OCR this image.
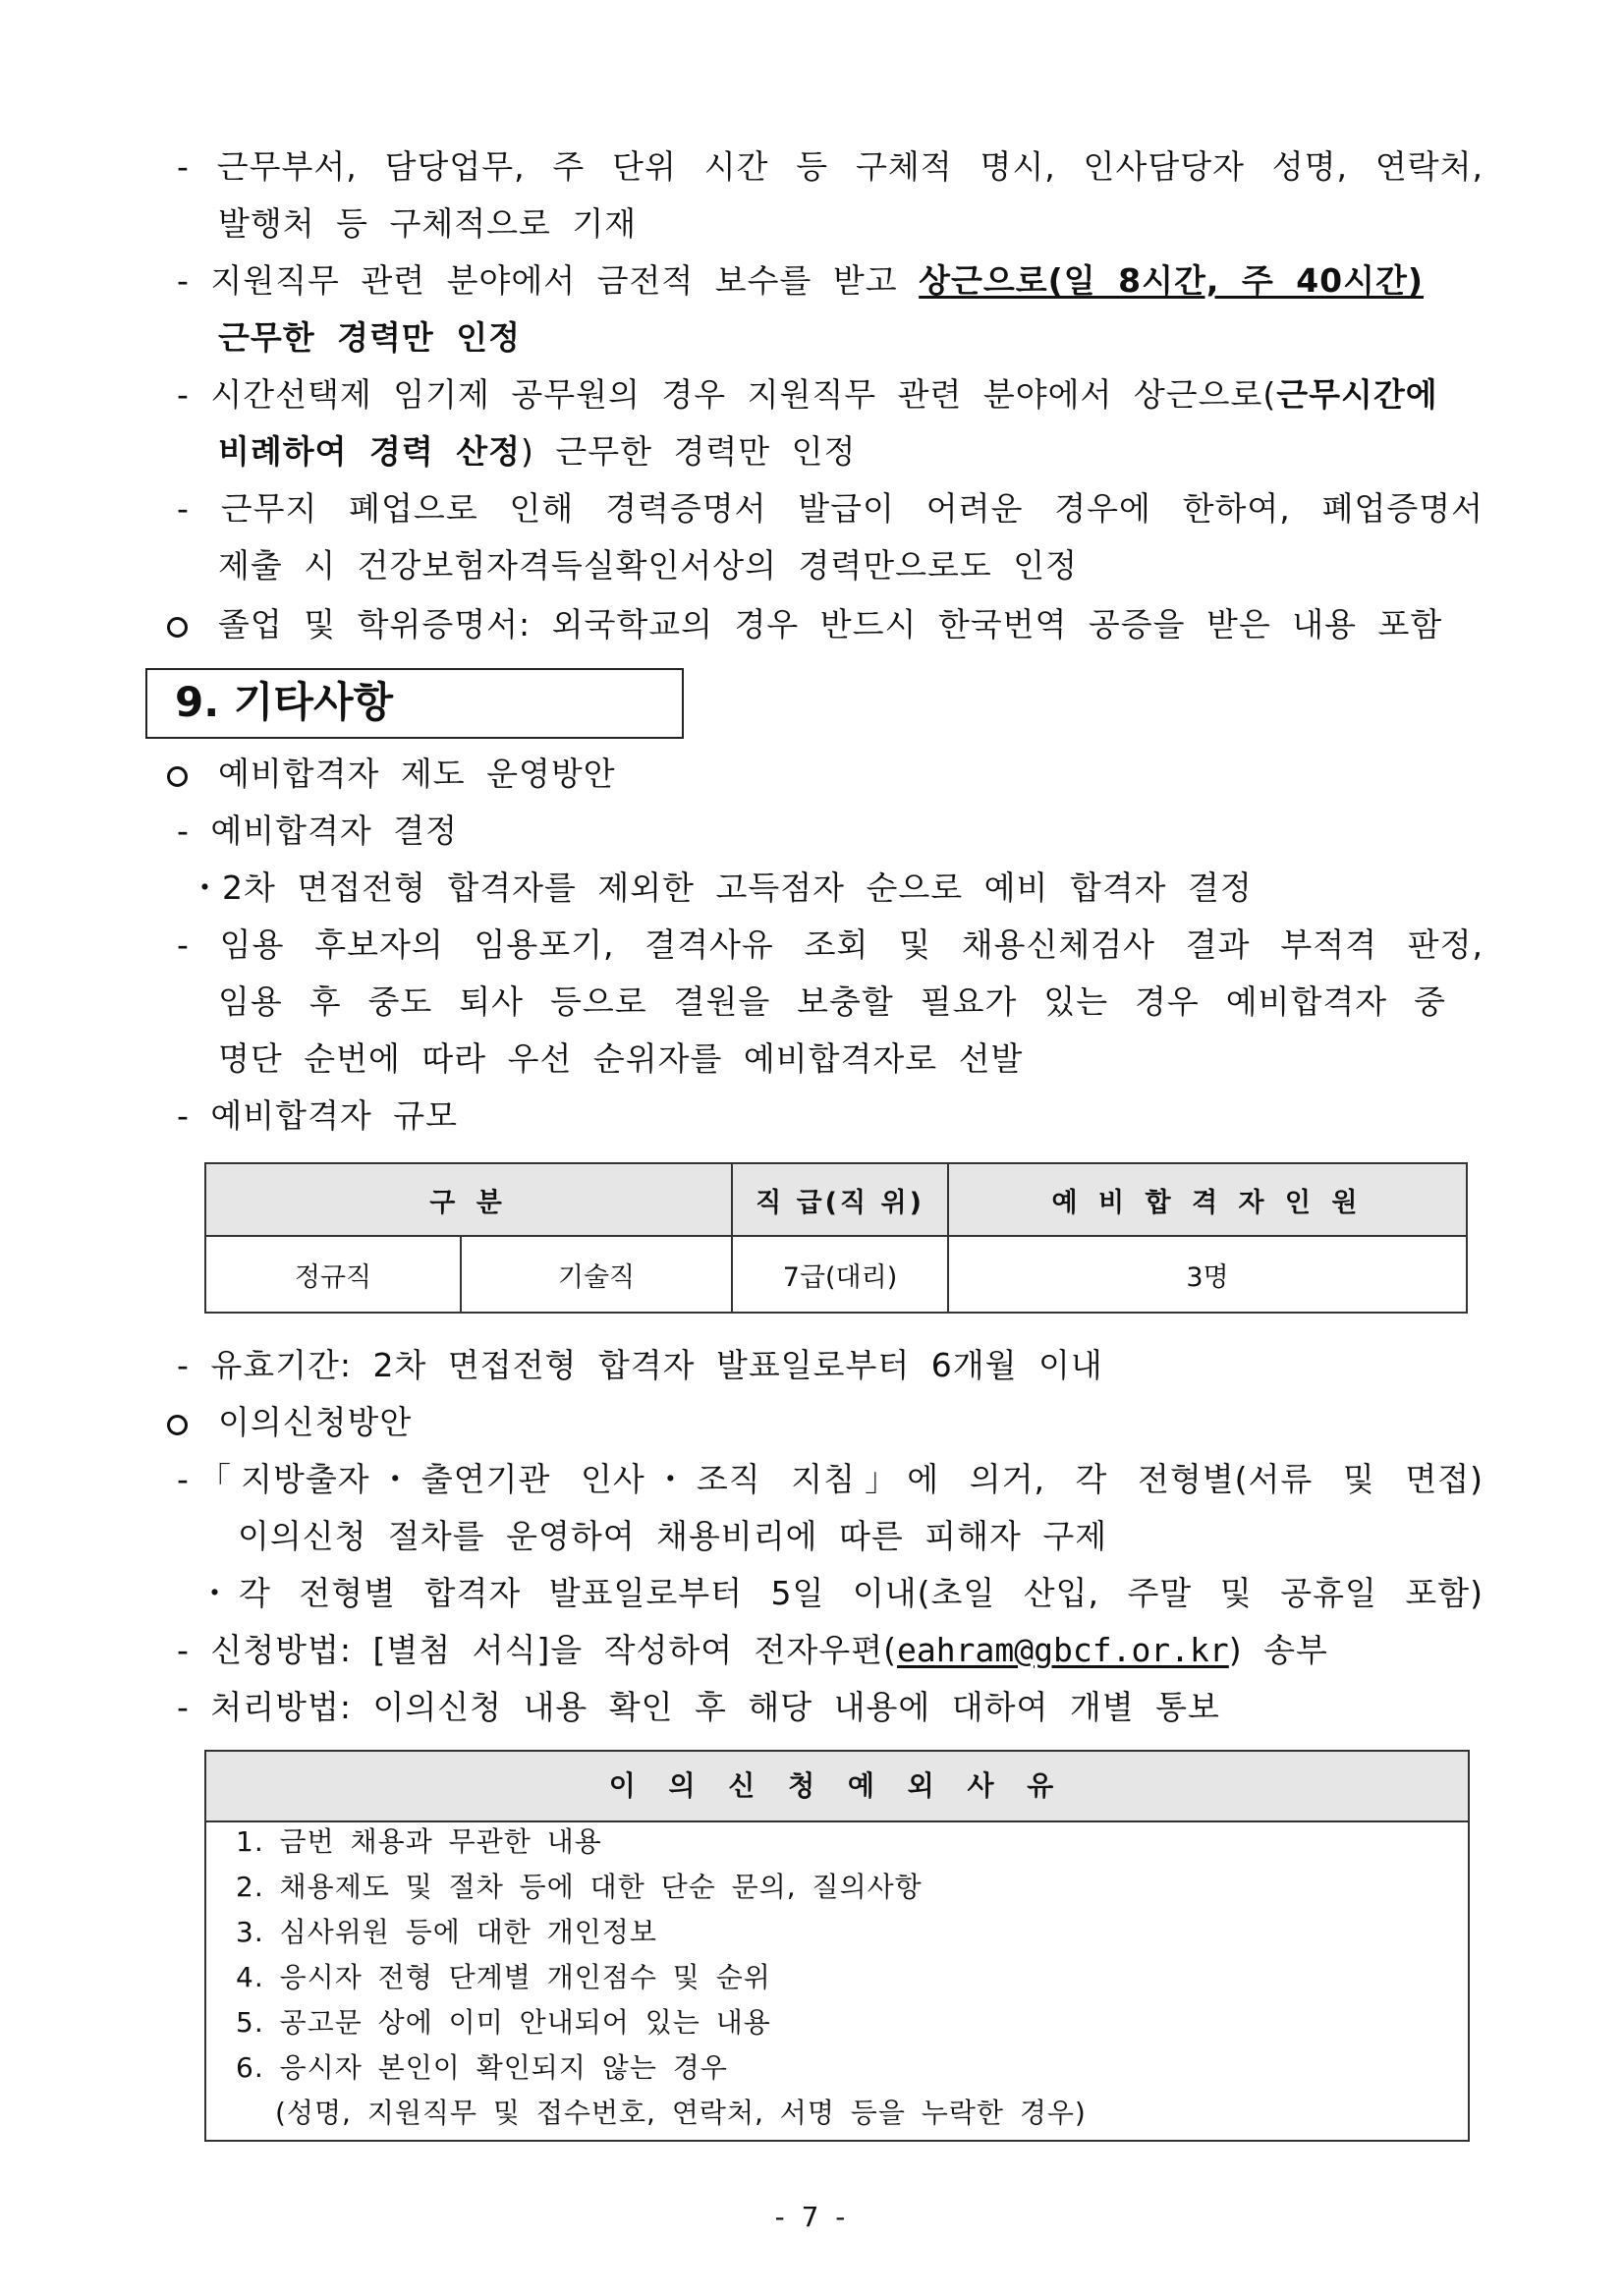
- 근무부서, 담당업무, 주 단위 시간 등 구체적 명시, 인사담당자 성명, 연락처,
발행처 등 구체적으로 기재
- 지원직무 관련 분야에서 금전적 보수를 받고 상근으로(일 8시간, 주 40시간)
근무한 경력만 인정
- 시간선택제 임기제 공무원의 경우 지원직무 관련 분야에서 상근으로(근무시간에
비례하여 경력 산정) 근무한 경력만 인정
- 근무지 폐업으로 인해 경력증명서 발급이 어려운 경우에 한하여, 폐업증명서
제출 시 건강보험자격득실확인서상의 경력만으로도 인정
졸업 및 학위증명서: 외국학교의 경우 반드시 한국번역 공증을 받은 내용 포함
9. 기타사항
예비합격자 제도 운영방안
- 예비합격자 결정
・2차 면접전형 합격자를 제외한 고득점자 순으로 예비 합격자 결정
- 임용 후보자의 임용포기, 결격사유 조회 및 채용신체검사 결과 부적격 판정,
임용 후 중도 퇴사 등으로 결원을 보충할 필요가 있는 경우 예비합격자 중
명단 순번에 따라 우선 순위자를 예비합격자로 선발
- 예비합격자 규모
구 분		직 급(직 위)	예 비 합 격 자 인 원
정규직	기술직	7급(대리)	3명
- 유효기간: 2차 면접전형 합격자 발표일로부터 6개월 이내
이의신청방안
-「지방출자・출연기관 인사・조직 지침」에 의거, 각 전형별(서류 및 면접)
이의신청 절차를 운영하여 채용비리에 따른 피해자 구제
・각 전형별 합격자 발표일로부터 5일 이내(초일 산입, 주말 및 공휴일 포함)
- 신청방법: [별첨 서식]을 작성하여 전자우편(eahram@gbcf.or.kr) 송부
- 처리방법: 이의신청 내용 확인 후 해당 내용에 대하여 개별 통보
이 의 신 청 예 외 사 유
1. 금번 채용과 무관한 내용
2. 채용제도 및 절차 등에 대한 단순 문의, 질의사항
3. 심사위원 등에 대한 개인정보
4. 응시자 전형 단계별 개인점수 및 순위
5. 공고문 상에 이미 안내되어 있는 내용
6. 응시자 본인이 확인되지 않는 경우
(성명, 지원직무 및 접수번호, 연락처, 서명 등을 누락한 경우)
- 7 -
